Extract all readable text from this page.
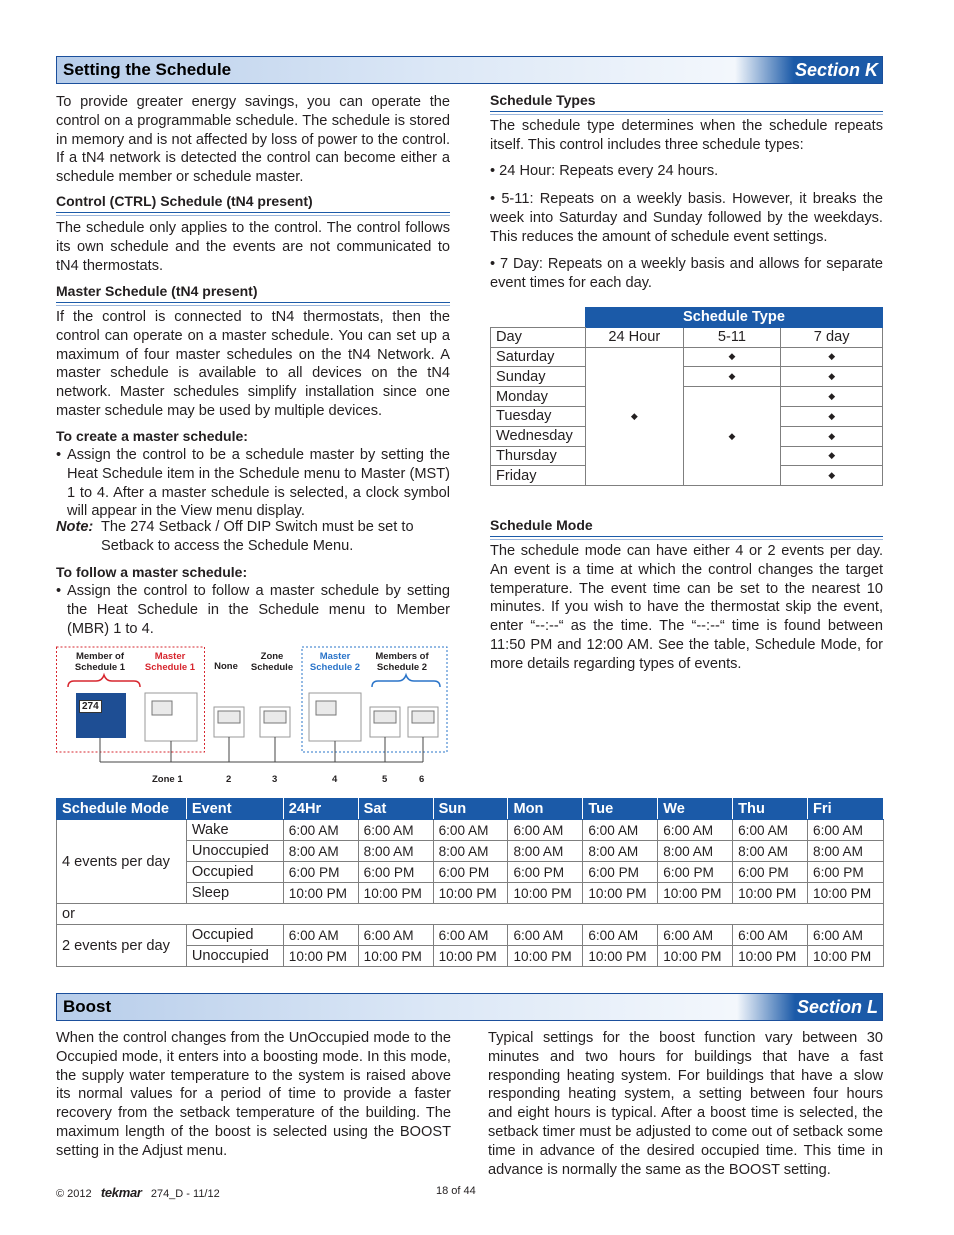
Setting the Schedule	Section K
To provide greater energy savings, you can operate the control on a programmable schedule. The schedule is stored in memory and is not affected by loss of power to the control. If a tN4 network is detected the control can become either a schedule member or schedule master.
Control (CTRL) Schedule (tN4 present)
The schedule only applies to the control. The control follows its own schedule and the events are not communicated to tN4 thermostats.
Master Schedule (tN4 present)
If the control is connected to tN4 thermostats, then the control can operate on a master schedule. You can set up a maximum of four master schedules on the tN4 Network. A master schedule is available to all devices on the tN4 network. Master schedules simplify installation since one master schedule may be used by multiple devices.
To create a master schedule:
• Assign the control to be a schedule master by setting the Heat Schedule item in the Schedule menu to Master (MST) 1 to 4. After a master schedule is selected, a clock symbol will appear in the View menu display.
Note: The 274 Setback / Off DIP Switch must be set to Setback to access the Schedule Menu.
To follow a master schedule:
• Assign the control to follow a master schedule by setting the Heat Schedule in the Schedule menu to Member (MBR) 1 to 4.
Member of Schedule 1
Master Schedule 1	None
Zone Schedule
Master Schedule 2
Members of Schedule 2
274
Zone 1	2	3	4	5	6
Schedule Types
The schedule type determines when the schedule repeats itself. This control includes three schedule types:
• 24 Hour: Repeats every 24 hours.
• 5-11: Repeats on a weekly basis. However, it breaks the week into Saturday and Sunday followed by the weekdays. This reduces the amount of schedule event settings.
• 7 Day: Repeats on a weekly basis and allows for separate event times for each day.
	Schedule Type		
Day	24 Hour	5-11	7 day
Saturday	◆	◆	◆
Sunday		◆	◆
Monday		◆	◆
Tuesday			◆
Wednesday			◆
Thursday			◆
Friday			◆
Schedule Mode
The schedule mode can have either 4 or 2 events per day. An event is a time at which the control changes the target temperature. The event time can be set to the nearest 10 minutes. If you wish to have the thermostat skip the event, enter “--:--“ as the time. The “--:--“ time is found between 11:50 PM and 12:00 AM. See the table, Schedule Mode, for more details regarding types of events.
Schedule Mode	Event	24Hr	Sat	Sun	Mon	Tue	We	Thu	Fri
4 events per day	Wake	6:00 AM	6:00 AM	6:00 AM	6:00 AM	6:00 AM	6:00 AM	6:00 AM	6:00 AM
	Unoccupied	8:00 AM	8:00 AM	8:00 AM	8:00 AM	8:00 AM	8:00 AM	8:00 AM	8:00 AM
	Occupied	6:00 PM	6:00 PM	6:00 PM	6:00 PM	6:00 PM	6:00 PM	6:00 PM	6:00 PM
	Sleep	10:00 PM	10:00 PM	10:00 PM	10:00 PM	10:00 PM	10:00 PM	10:00 PM	10:00 PM
or									
2 events per day	Occupied	6:00 AM	6:00 AM	6:00 AM	6:00 AM	6:00 AM	6:00 AM	6:00 AM	6:00 AM
	Unoccupied	10:00 PM	10:00 PM	10:00 PM	10:00 PM	10:00 PM	10:00 PM	10:00 PM	10:00 PM
Boost	Section L
When the control changes from the UnOccupied mode to the Occupied mode, it enters into a boosting mode. In this mode, the supply water temperature to the system is raised above its normal values for a period of time to provide a faster recovery from the setback temperature of the building. The maximum length of the boost is selected using the BOOST setting in the Adjust menu.
Typical settings for the boost function vary between 30 minutes and two hours for buildings that have a fast responding heating system. For buildings that have a slow responding heating system, a setting between four hours and eight hours is typical. After a boost time is selected, the setback timer must be adjusted to come out of setback some time in advance of the desired occupied time. This time in advance is normally the same as the BOOST setting.
© 2012 tekmar 274_D - 11/12	18 of 44
